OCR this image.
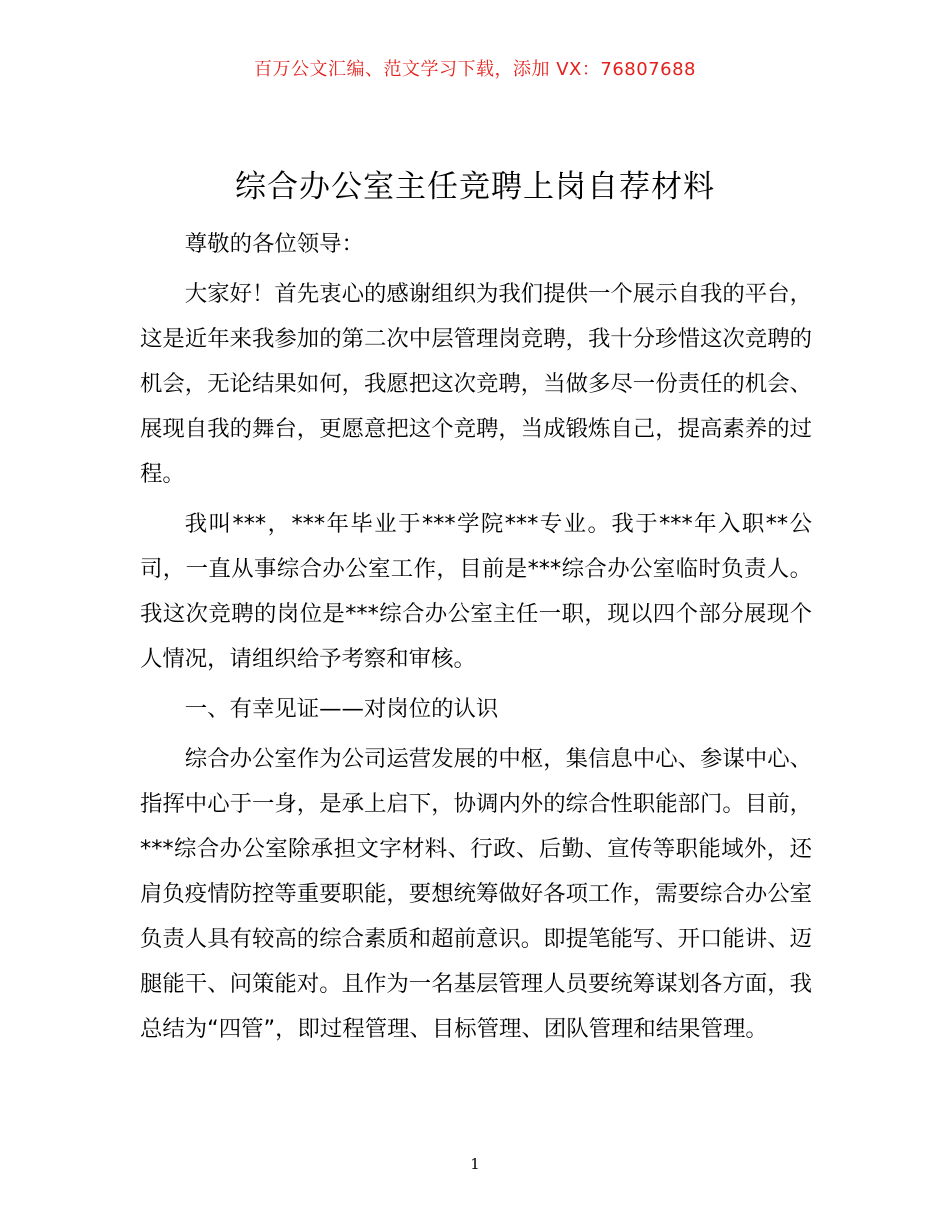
百万公文汇编、范文学习下载，添加 VX：76807688
综合办公室主任竞聘上岗自荐材料

尊敬的各位领导：

大家好！首先衷心的感谢组织为我们提供一个展示自我的平台，这是近年来我参加的第二次中层管理岗竞聘，我十分珍惜这次竞聘的机会，无论结果如何，我愿把这次竞聘，当做多尽一份责任的机会、展现自我的舞台，更愿意把这个竞聘，当成锻炼自己，提高素养的过程。

我叫***，***年毕业于***学院***专业。我于***年入职**公司，一直从事综合办公室工作，目前是***综合办公室临时负责人。我这次竞聘的岗位是***综合办公室主任一职，现以四个部分展现个人情况，请组织给予考察和审核。

一、有幸见证——对岗位的认识

综合办公室作为公司运营发展的中枢，集信息中心、参谋中心、指挥中心于一身，是承上启下，协调内外的综合性职能部门。目前，***综合办公室除承担文字材料、行政、后勤、宣传等职能域外，还肩负疫情防控等重要职能，要想统筹做好各项工作，需要综合办公室负责人具有较高的综合素质和超前意识。即提笔能写、开口能讲、迈腿能干、问策能对。且作为一名基层管理人员要统筹谋划各方面，我总结为“四管”，即过程管理、目标管理、团队管理和结果管理。

1
